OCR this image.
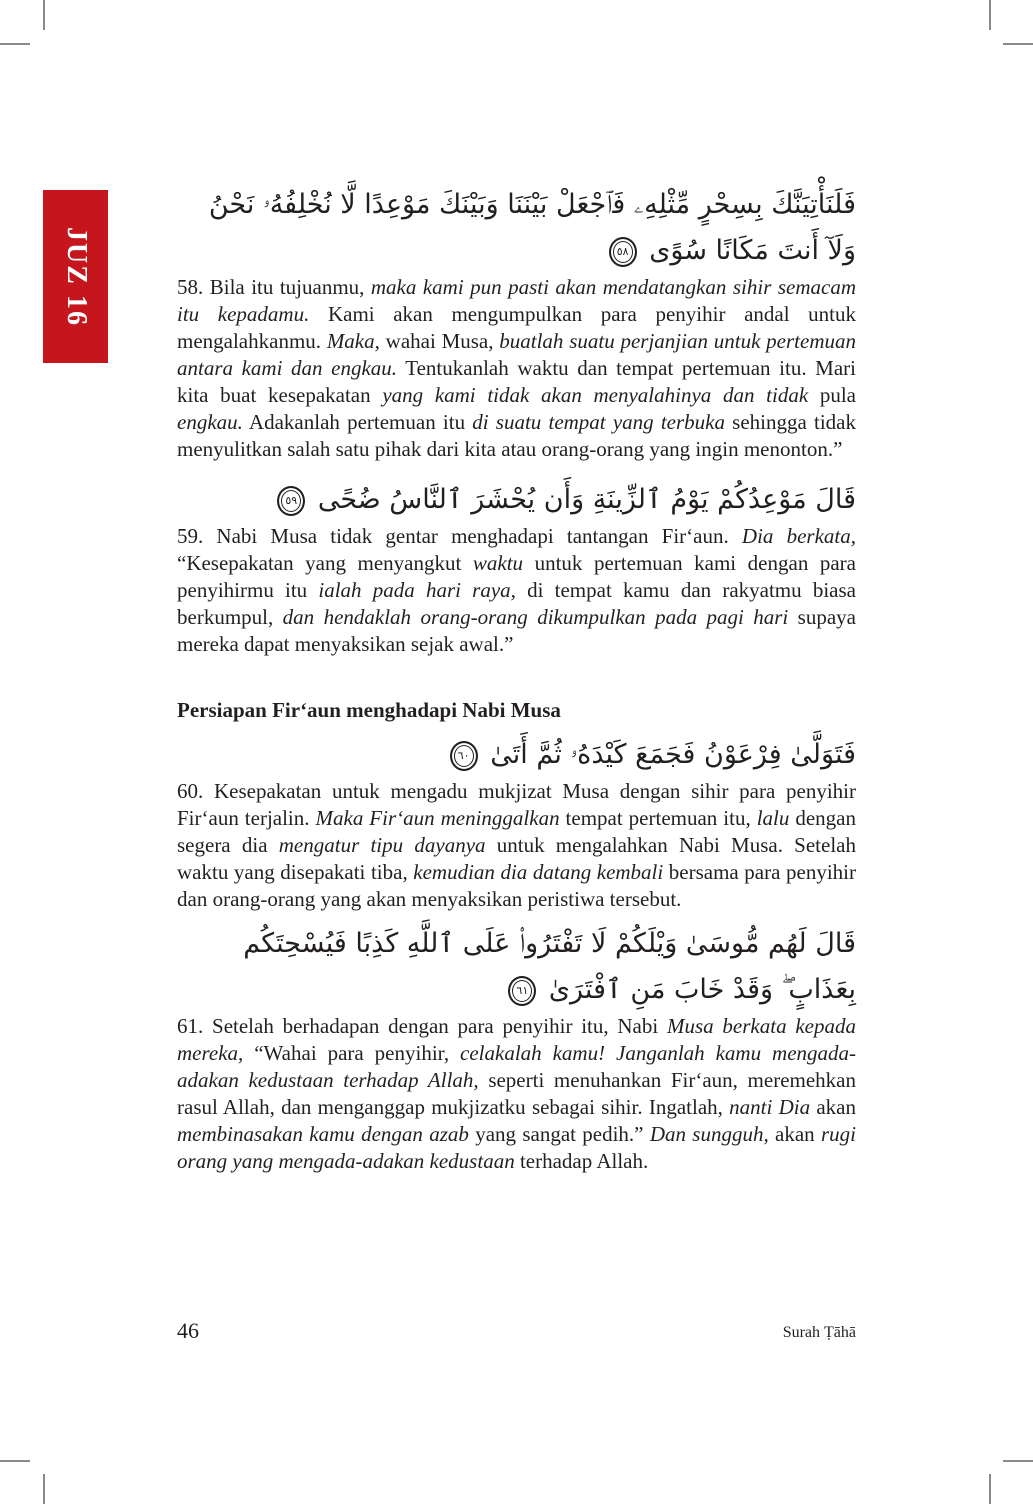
JUZ 16
فَلَنَأْتِيَنَّكَ بِسِحْرٍ مِّثْلِهِۦ فَٱجْعَلْ بَيْنَنَا وَبَيْنَكَ مَوْعِدًا لَّا نُخْلِفُهُۥ نَحْنُ وَلَآ أَنتَ مَكَانًا سُوًى ٥٨

58. Bila itu tujuanmu, maka kami pun pasti akan mendatangkan sihir semacam itu kepadamu. Kami akan mengumpulkan para penyihir andal untuk mengalahkanmu. Maka, wahai Musa, buatlah suatu perjanjian untuk pertemuan antara kami dan engkau. Tentukanlah waktu dan tempat pertemuan itu. Mari kita buat kesepakatan yang kami tidak akan menyalahinya dan tidak pula engkau. Adakanlah pertemuan itu di suatu tempat yang terbuka sehingga tidak menyulitkan salah satu pihak dari kita atau orang-orang yang ingin menonton.”

قَالَ مَوْعِدُكُمْ يَوْمُ ٱلزِّينَةِ وَأَن يُحْشَرَ ٱلنَّاسُ ضُحًى ٥٩

59. Nabi Musa tidak gentar menghadapi tantangan Fir‘aun. Dia berkata, “Kesepakatan yang menyangkut waktu untuk pertemuan kami dengan para penyihirmu itu ialah pada hari raya, di tempat kamu dan rakyatmu biasa berkumpul, dan hendaklah orang-orang dikumpulkan pada pagi hari supaya mereka dapat menyaksikan sejak awal.”

Persiapan Fir‘aun menghadapi Nabi Musa
فَتَوَلَّىٰ فِرْعَوْنُ فَجَمَعَ كَيْدَهُۥ ثُمَّ أَتَىٰ ٦٠

60. Kesepakatan untuk mengadu mukjizat Musa dengan sihir para penyihir Fir‘aun terjalin. Maka Fir‘aun meninggalkan tempat pertemuan itu, lalu dengan segera dia mengatur tipu dayanya untuk mengalahkan Nabi Musa. Setelah waktu yang disepakati tiba, kemudian dia datang kembali bersama para penyihir dan orang-orang yang akan menyaksikan peristiwa tersebut.

قَالَ لَهُم مُّوسَىٰ وَيْلَكُمْ لَا تَفْتَرُوا۟ عَلَى ٱللَّهِ كَذِبًا فَيُسْحِتَكُم بِعَذَابٍ ۖ وَقَدْ خَابَ مَنِ ٱفْتَرَىٰ ٦١

61. Setelah berhadapan dengan para penyihir itu, Nabi Musa berkata kepada mereka, “Wahai para penyihir, celakalah kamu! Janganlah kamu mengada-adakan kedustaan terhadap Allah, seperti menuhankan Fir‘aun, meremehkan rasul Allah, dan menganggap mukjizatku sebagai sihir. Ingatlah, nanti Dia akan membinasakan kamu dengan azab yang sangat pedih.” Dan sungguh, akan rugi orang yang mengada-adakan kedustaan terhadap Allah.

46	Surah Ṭāhā
